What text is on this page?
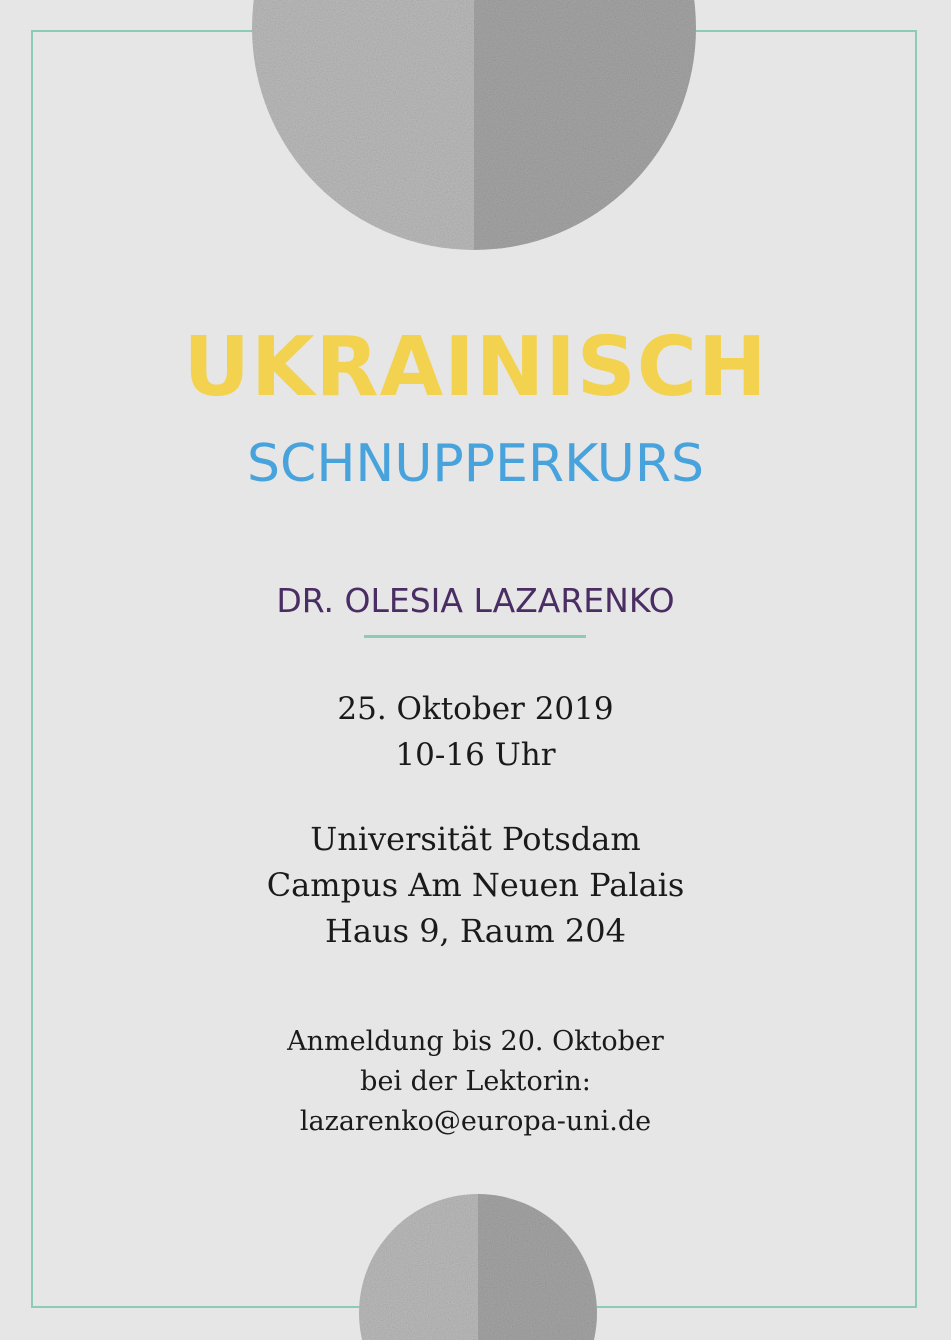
UKRAINISCH
SCHNUPPERKURS

DR. OLESIA LAZARENKO

25. Oktober 2019
10-16 Uhr
Universität Potsdam
Campus Am Neuen Palais
Haus 9, Raum 204
Anmeldung bis 20. Oktober
bei der Lektorin:
lazarenko@europa-uni.de
